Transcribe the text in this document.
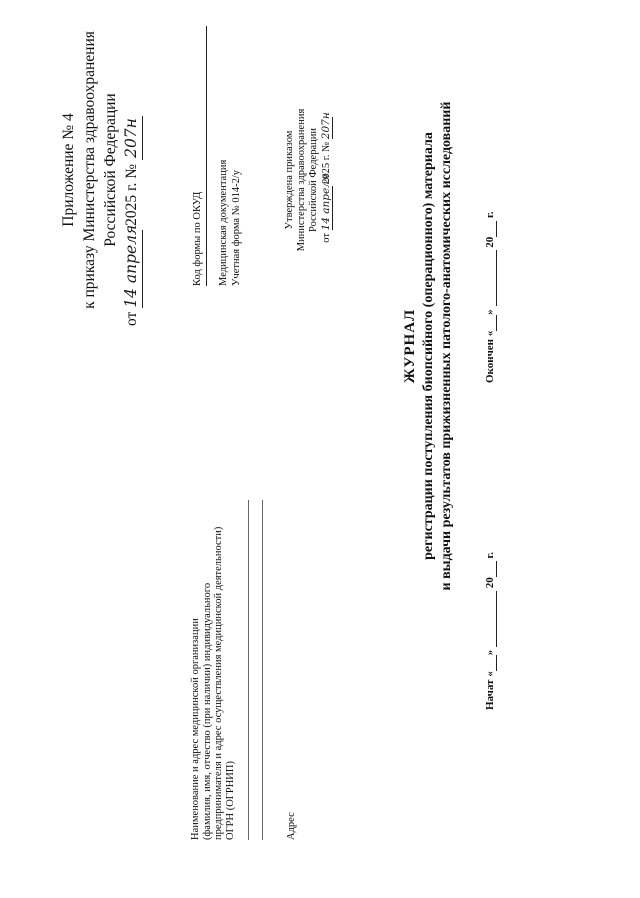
Приложение № 4 к приказу Министерства здравоохранения Российской Федерации
от 14 апреля 2025 г. № 207н
Код формы по ОКУД	Медицинская документация Учетная форма № 014-2/у	Утверждена приказом Министерства здравоохранения Российской Федерации
от 14 апреля 2025 г. № 207н
Наименование и адрес медицинской организации (фамилия, имя, отчество (при наличии) индивидуального предпринимателя и адрес осуществления медицинской деятельности) ОГРН (ОГРНИП)	Адрес
ЖУРНАЛ регистрации поступления биопсийного (операционного) материала и выдачи результатов прижизненных патолого-анатомических исследований
Начат « »   20  г.
Окончен « »   20  г.
